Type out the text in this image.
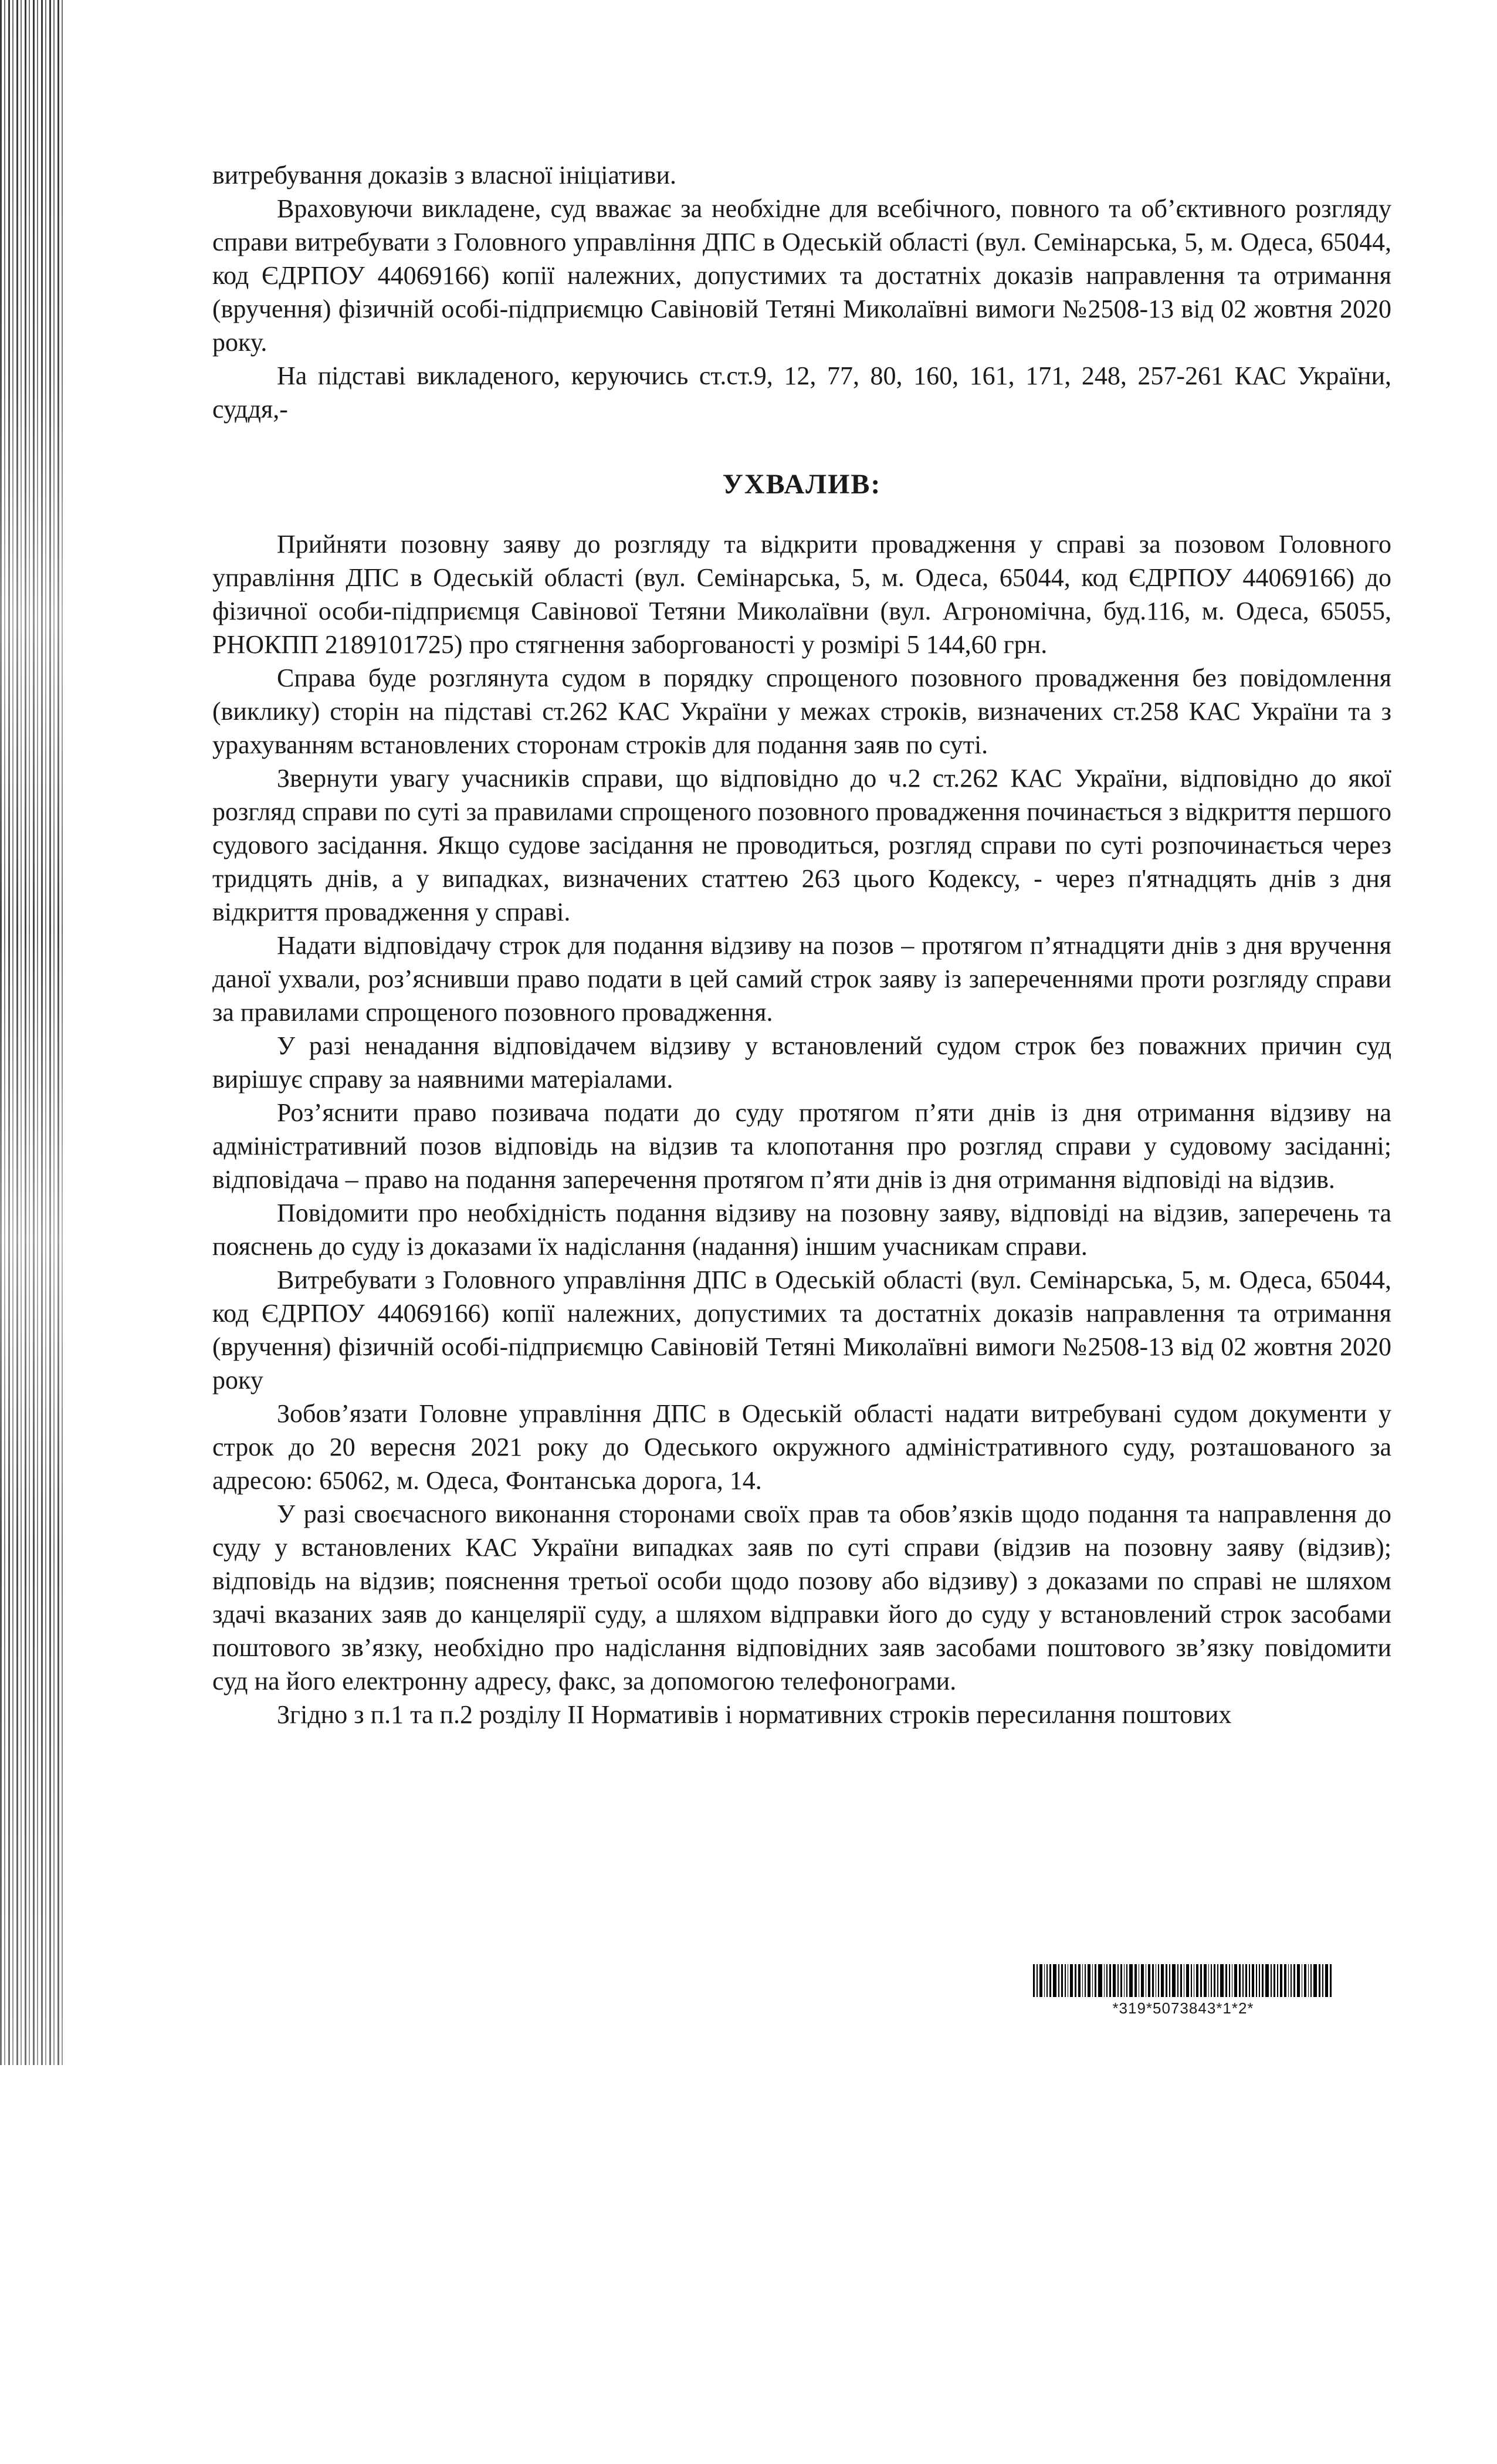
витребування доказів з власної ініціативи.

Враховуючи викладене, суд вважає за необхідне для всебічного, повного та об’єктивного розгляду справи витребувати з Головного управління ДПС в Одеській області (вул. Семінарська, 5, м. Одеса, 65044, код ЄДРПОУ 44069166) копії належних, допустимих та достатніх доказів направлення та отримання (вручення) фізичній особі-підприємцю Савіновій Тетяні Миколаївні вимоги №2508-13 від 02 жовтня 2020 року.

На підставі викладеного, керуючись ст.ст.9, 12, 77, 80, 160, 161, 171, 248, 257-261 КАС України, суддя,-

УХВАЛИВ:

Прийняти позовну заяву до розгляду та відкрити провадження у справі за позовом Головного управління ДПС в Одеській області (вул. Семінарська, 5, м. Одеса, 65044, код ЄДРПОУ 44069166) до фізичної особи-підприємця Савінової Тетяни Миколаївни (вул. Агрономічна, буд.116, м. Одеса, 65055, РНОКПП 2189101725) про стягнення заборгованості у розмірі 5 144,60 грн.

Справа буде розглянута судом в порядку спрощеного позовного провадження без повідомлення (виклику) сторін на підставі ст.262 КАС України у межах строків, визначених ст.258 КАС України та з урахуванням встановлених сторонам строків для подання заяв по суті.

Звернути увагу учасників справи, що відповідно до ч.2 ст.262 КАС України, відповідно до якої розгляд справи по суті за правилами спрощеного позовного провадження починається з відкриття першого судового засідання. Якщо судове засідання не проводиться, розгляд справи по суті розпочинається через тридцять днів, а у випадках, визначених статтею 263 цього Кодексу, - через п'ятнадцять днів з дня відкриття провадження у справі.

Надати відповідачу строк для подання відзиву на позов – протягом п’ятнадцяти днів з дня вручення даної ухвали, роз’яснивши право подати в цей самий строк заяву із запереченнями проти розгляду справи за правилами спрощеного позовного провадження.

У разі ненадання відповідачем відзиву у встановлений судом строк без поважних причин суд вирішує справу за наявними матеріалами.

Роз’яснити право позивача подати до суду протягом п’яти днів із дня отримання відзиву на адміністративний позов відповідь на відзив та клопотання про розгляд справи у судовому засіданні; відповідача – право на подання заперечення протягом п’яти днів із дня отримання відповіді на відзив.

Повідомити про необхідність подання відзиву на позовну заяву, відповіді на відзив, заперечень та пояснень до суду із доказами їх надіслання (надання) іншим учасникам справи.

Витребувати з Головного управління ДПС в Одеській області (вул. Семінарська, 5, м. Одеса, 65044, код ЄДРПОУ 44069166) копії належних, допустимих та достатніх доказів направлення та отримання (вручення) фізичній особі-підприємцю Савіновій Тетяні Миколаївні вимоги №2508-13 від 02 жовтня 2020 року

Зобов’язати Головне управління ДПС в Одеській області надати витребувані судом документи у строк до 20 вересня 2021 року до Одеського окружного адміністративного суду, розташованого за адресою: 65062, м. Одеса, Фонтанська дорога, 14.

У разі своєчасного виконання сторонами своїх прав та обов’язків щодо подання та направлення до суду у встановлених КАС України випадках заяв по суті справи (відзив на позовну заяву (відзив); відповідь на відзив; пояснення третьої особи щодо позову або відзиву) з доказами по справі не шляхом здачі вказаних заяв до канцелярії суду, а шляхом відправки його до суду у встановлений строк засобами поштового зв’язку, необхідно про надіслання відповідних заяв засобами поштового зв’язку повідомити суд на його електронну адресу, факс, за допомогою телефонограми.

Згідно з п.1 та п.2 розділу ІІ Нормативів і нормативних строків пересилання поштових

*319*5073843*1*2*
